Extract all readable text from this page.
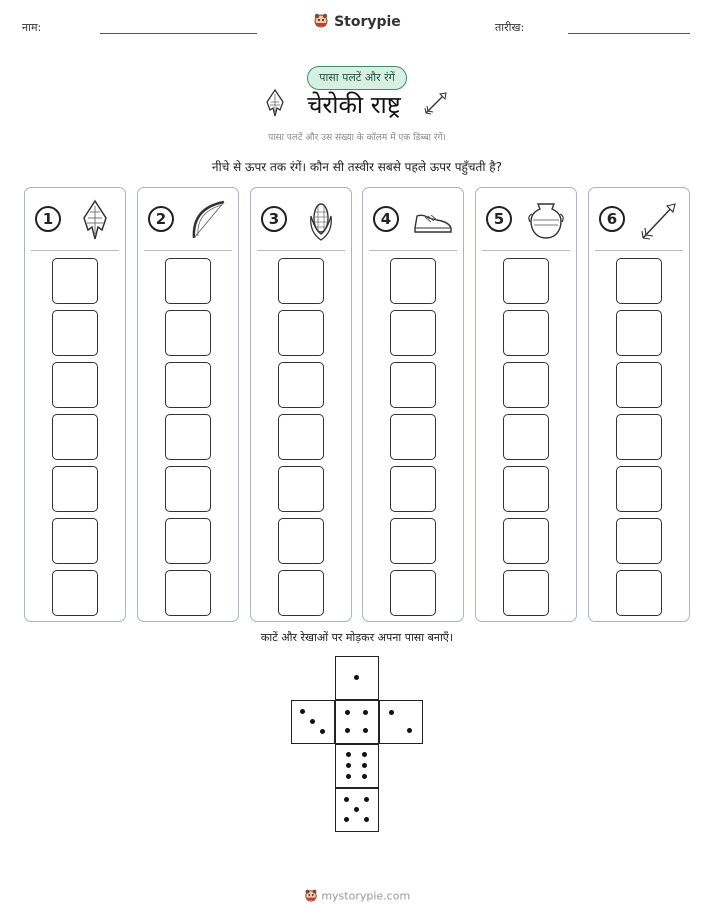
नाम:	Storypie	तारीख:
पासा पलटें और रंगें
चेरोकी राष्ट्र
पासा पलटें और उस संख्या के कॉलम में एक डिब्बा रंगें।
नीचे से ऊपर तक रंगें। कौन सी तस्वीर सबसे पहले ऊपर पहुँचती है?
1	2	3	4	5	6
काटें और रेखाओं पर मोड़कर अपना पासा बनाएँ।
mystorypie.com
